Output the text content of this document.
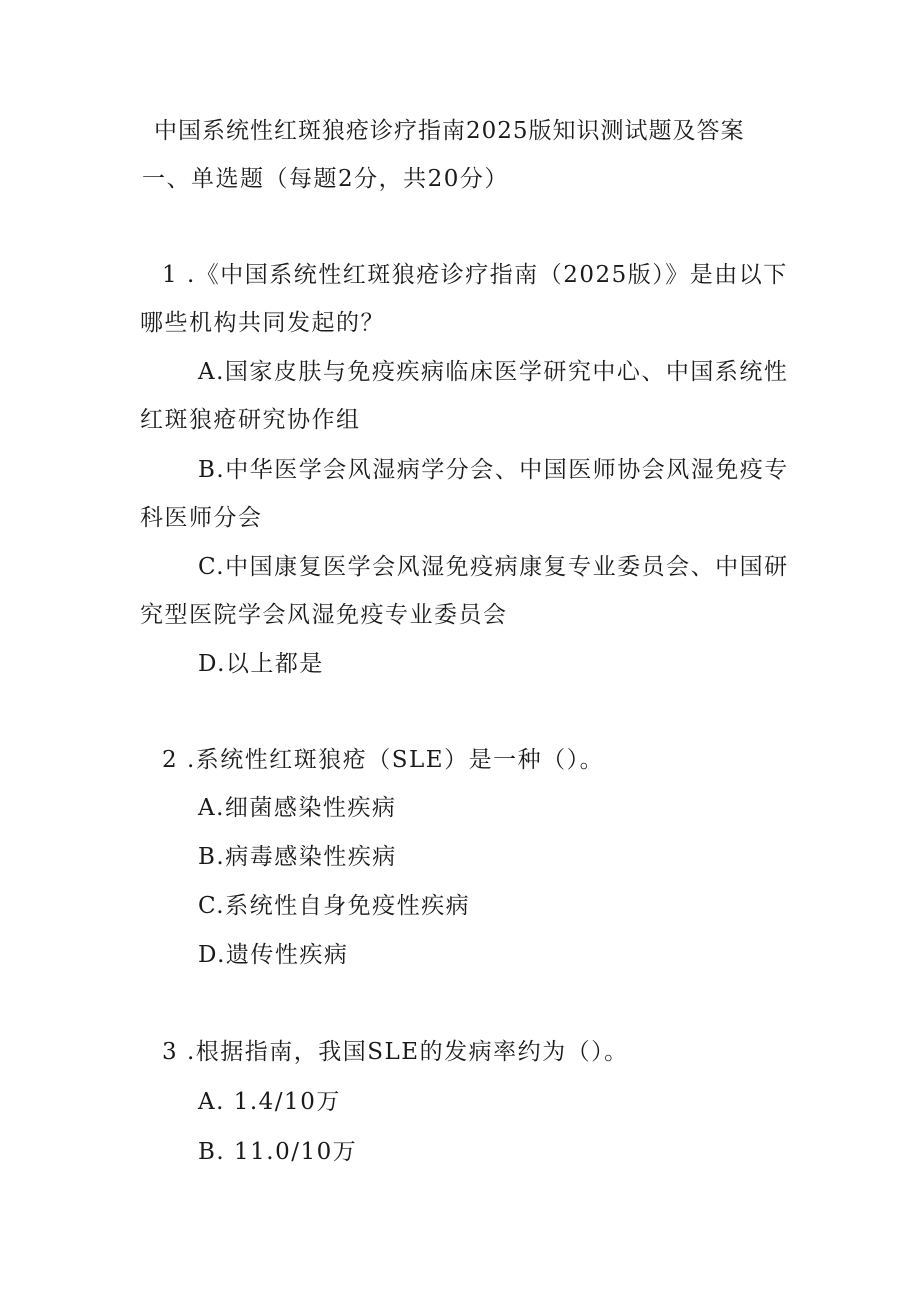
中国系统性红斑狼疮诊疗指南2025版知识测试题及答案
一、单选题（每题2分，共20分）
1 .《中国系统性红斑狼疮诊疗指南（2025版）》是由以下
哪些机构共同发起的？
A.国家皮肤与免疫疾病临床医学研究中心、中国系统性
红斑狼疮研究协作组
B.中华医学会风湿病学分会、中国医师协会风湿免疫专
科医师分会
C.中国康复医学会风湿免疫病康复专业委员会、中国研
究型医院学会风湿免疫专业委员会
D.以上都是
2 .系统性红斑狼疮（SLE）是一种（）。
A.细菌感染性疾病
B.病毒感染性疾病
C.系统性自身免疫性疾病
D.遗传性疾病
3 .根据指南，我国SLE的发病率约为（）。
A. 1.4/10万
B. 11.0/10万
